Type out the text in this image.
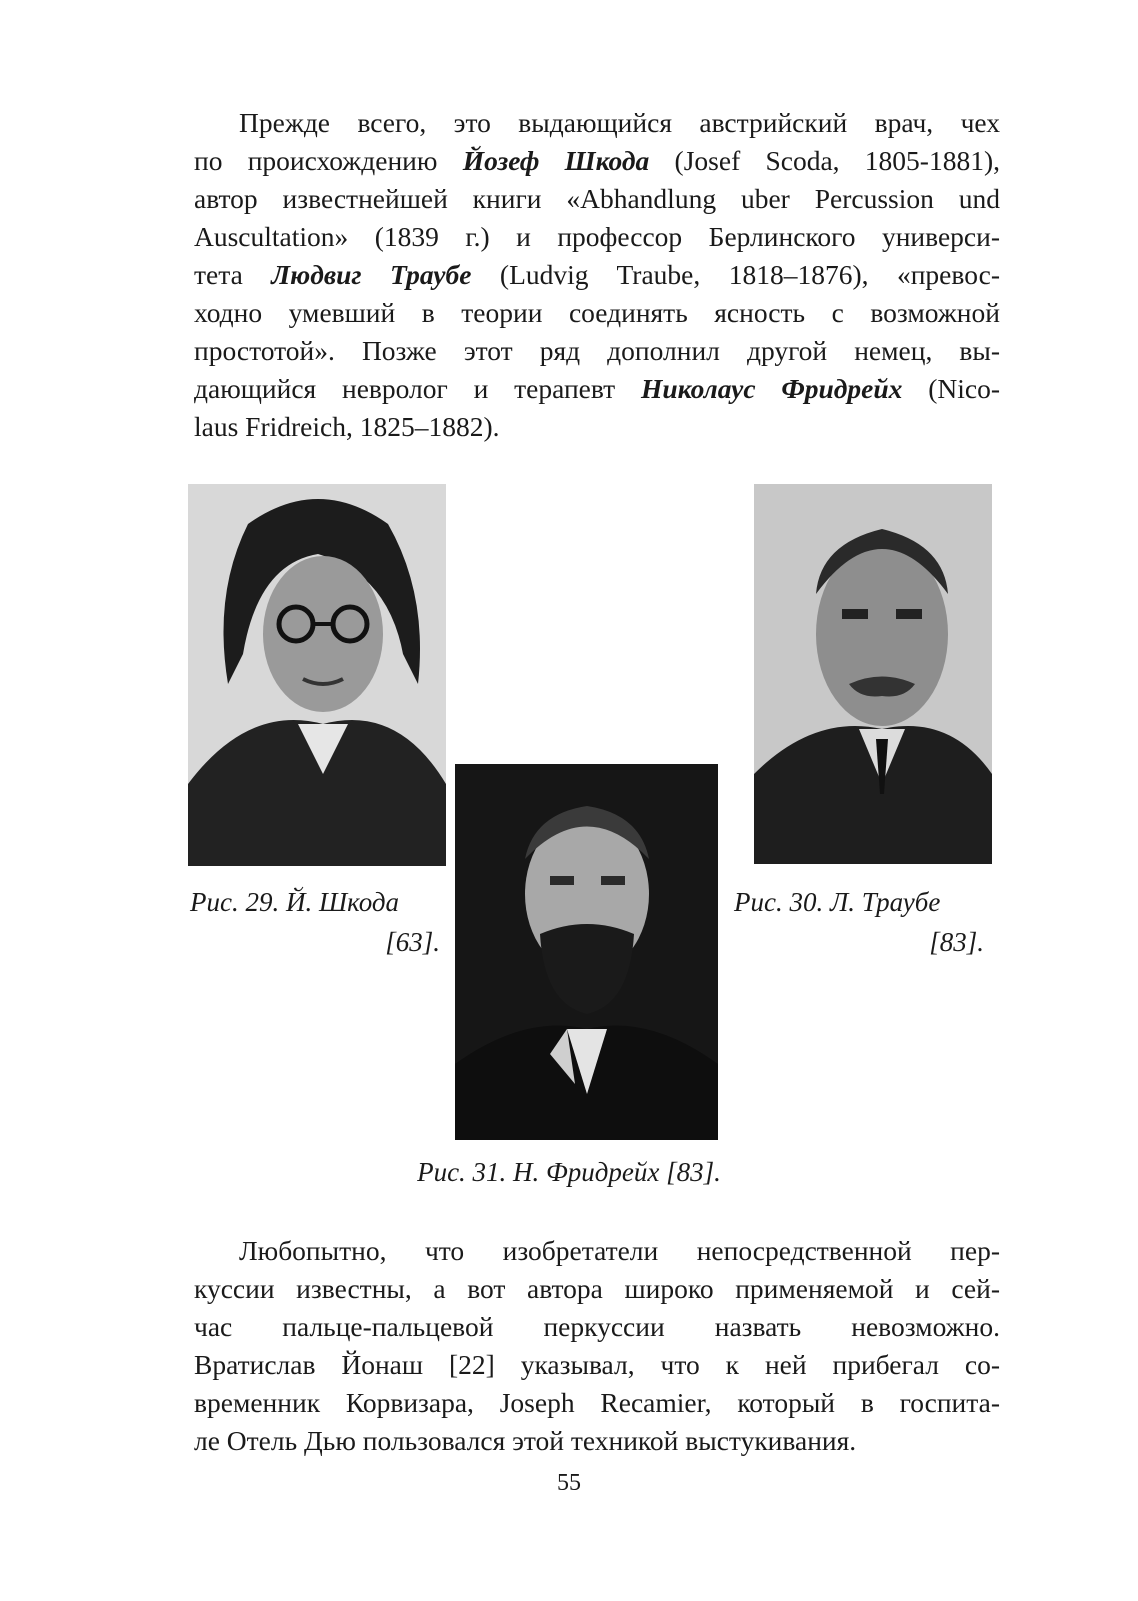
Прежде всего, это выдающийся австрийский врач, чех
по происхождению Йозеф Шкода (Josef Scoda, 1805-1881),
автор известнейшей книги «Abhandlung uber Percussion und
Auscultation» (1839 г.) и профессор Берлинского универси-
тета Людвиг Траубе (Ludvig Traube, 1818–1876), «превос-
ходно умевший в теории соединять ясность с возможной
простотой». Позже этот ряд дополнил другой немец, вы-
дающийся невролог и терапевт Николаус Фридрейх (Nico-
laus Fridreich, 1825–1882).
Рис. 29. Й. Шкода
[63].
Рис. 30. Л. Траубе
[83].
Рис. 31. Н. Фридрейх [83].
Любопытно, что изобретатели непосредственной пер-
куссии известны, а вот автора широко применяемой и сей-
час пальце-пальцевой перкуссии назвать невозможно.
Вратислав Йонаш [22] указывал, что к ней прибегал со-
временник Корвизара, Joseph Recamier, который в госпита-
ле Отель Дью пользовался этой техникой выстукивания.
55
